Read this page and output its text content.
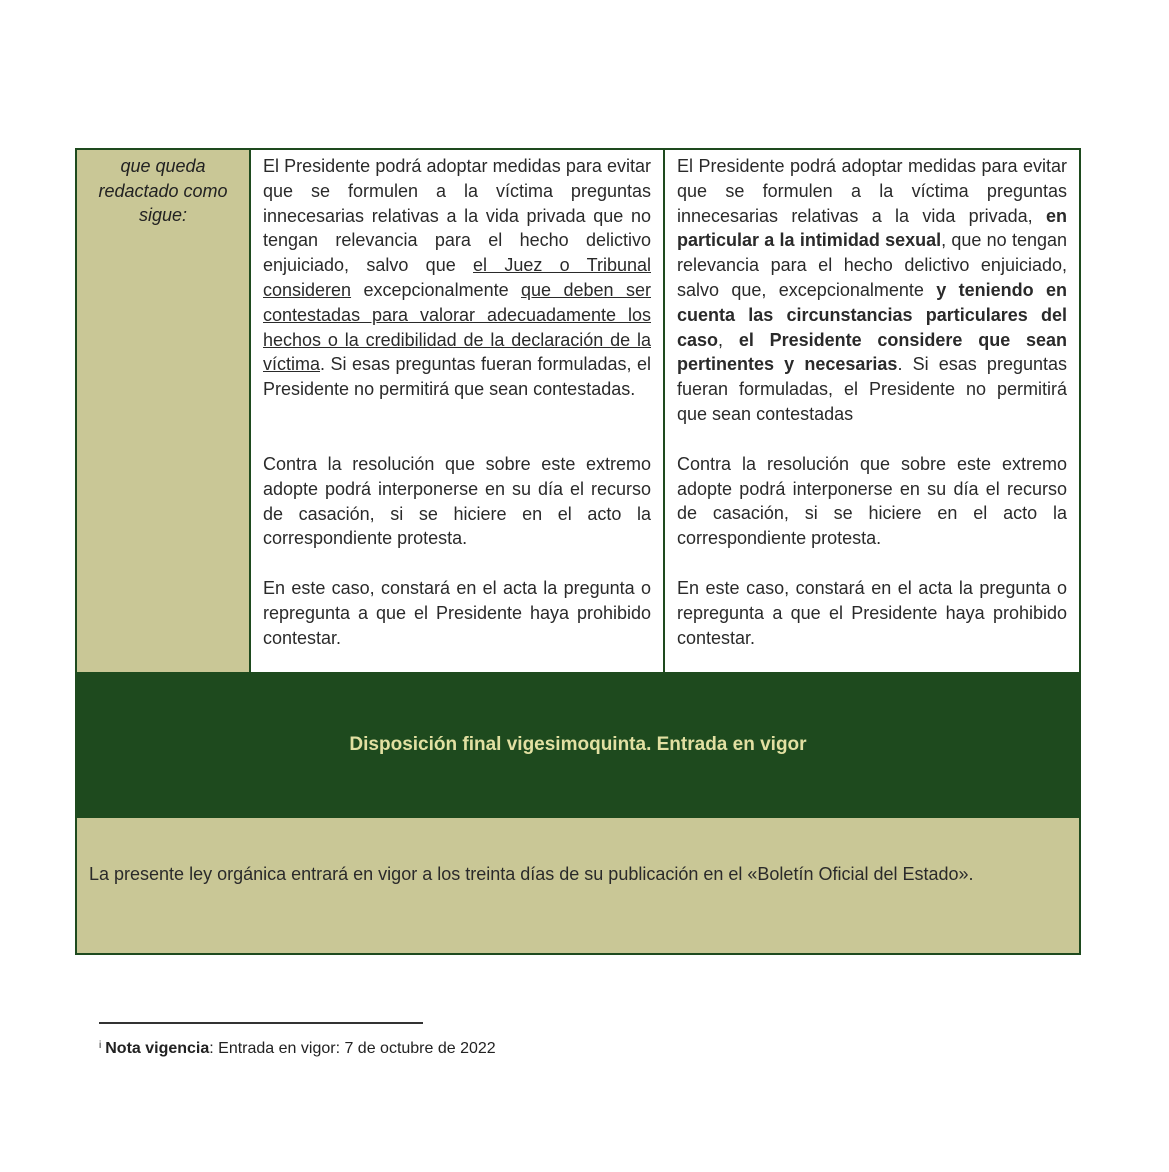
que queda redactado como sigue:

El Presidente podrá adoptar medidas para evitar que se formulen a la víctima preguntas innecesarias relativas a la vida privada que no tengan relevancia para el hecho delictivo enjuiciado, salvo que el Juez o Tribunal consideren excepcionalmente que deben ser contestadas para valorar adecuadamente los hechos o la credibilidad de la declaración de la víctima. Si esas preguntas fueran formuladas, el Presidente no permitirá que sean contestadas.

Contra la resolución que sobre este extremo adopte podrá interponerse en su día el recurso de casación, si se hiciere en el acto la correspondiente protesta.

En este caso, constará en el acta la pregunta o repregunta a que el Presidente haya prohibido contestar.

El Presidente podrá adoptar medidas para evitar que se formulen a la víctima preguntas innecesarias relativas a la vida privada, en particular a la intimidad sexual, que no tengan relevancia para el hecho delictivo enjuiciado, salvo que, excepcionalmente y teniendo en cuenta las circunstancias particulares del caso, el Presidente considere que sean pertinentes y necesarias. Si esas preguntas fueran formuladas, el Presidente no permitirá que sean contestadas

Contra la resolución que sobre este extremo adopte podrá interponerse en su día el recurso de casación, si se hiciere en el acto la correspondiente protesta.

En este caso, constará en el acta la pregunta o repregunta a que el Presidente haya prohibido contestar.

Disposición final vigesimoquinta. Entrada en vigor
La presente ley orgánica entrará en vigor a los treinta días de su publicación en el «Boletín Oficial del Estado».
$^i$ Nota vigencia: Entrada en vigor: 7 de octubre de 2022
